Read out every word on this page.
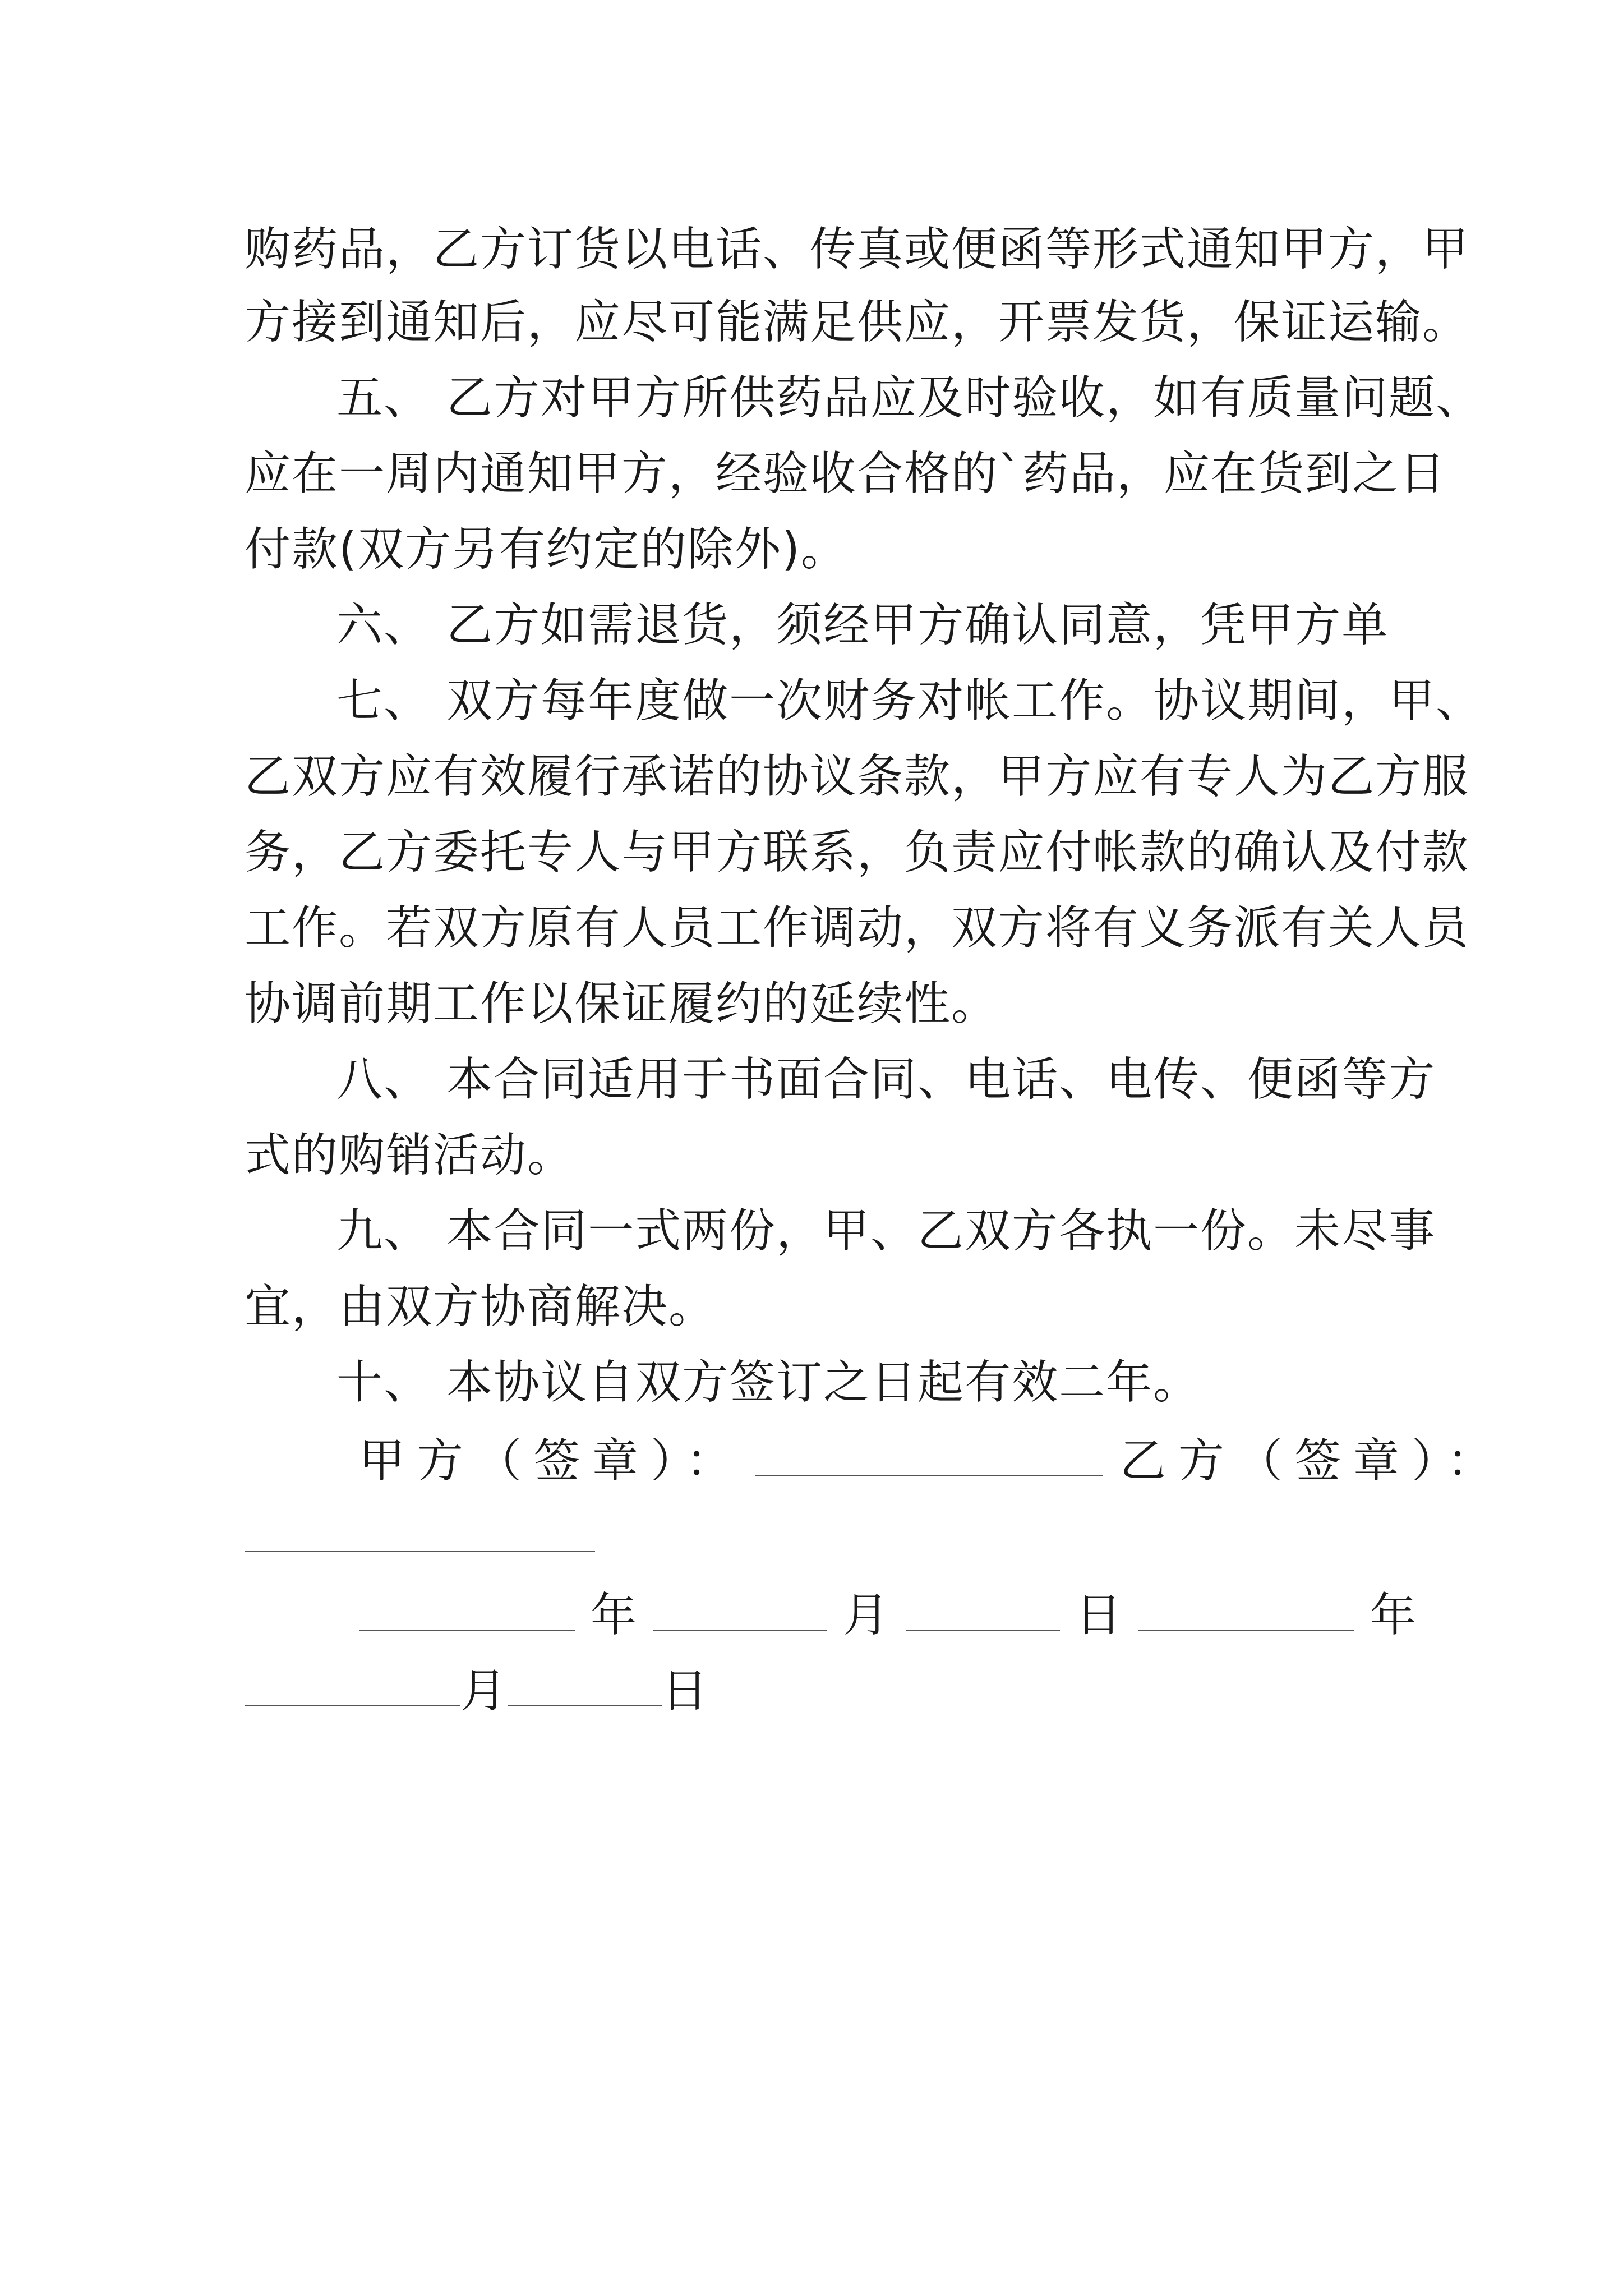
购药品，乙方订货以电话、传真或便函等形式通知甲方，甲
方接到通知后，应尽可能满足供应，开票发货，保证运输。
五、 乙方对甲方所供药品应及时验收，如有质量问题、
应在一周内通知甲方，经验收合格的`药品，应在货到之日
付款(双方另有约定的除外)。
六、 乙方如需退货，须经甲方确认同意，凭甲方单
七、 双方每年度做一次财务对帐工作。协议期间，甲、
乙双方应有效履行承诺的协议条款，甲方应有专人为乙方服
务，乙方委托专人与甲方联系，负责应付帐款的确认及付款
工作。若双方原有人员工作调动，双方将有义务派有关人员
协调前期工作以保证履约的延续性。
八、 本合同适用于书面合同、电话、电传、便函等方
式的购销活动。
九、 本合同一式两份，甲、乙双方各执一份。未尽事
宜，由双方协商解决。
十、 本协议自双方签订之日起有效二年。
甲方（签章）：	乙方（签章）：
年	月	日	年
月	日
